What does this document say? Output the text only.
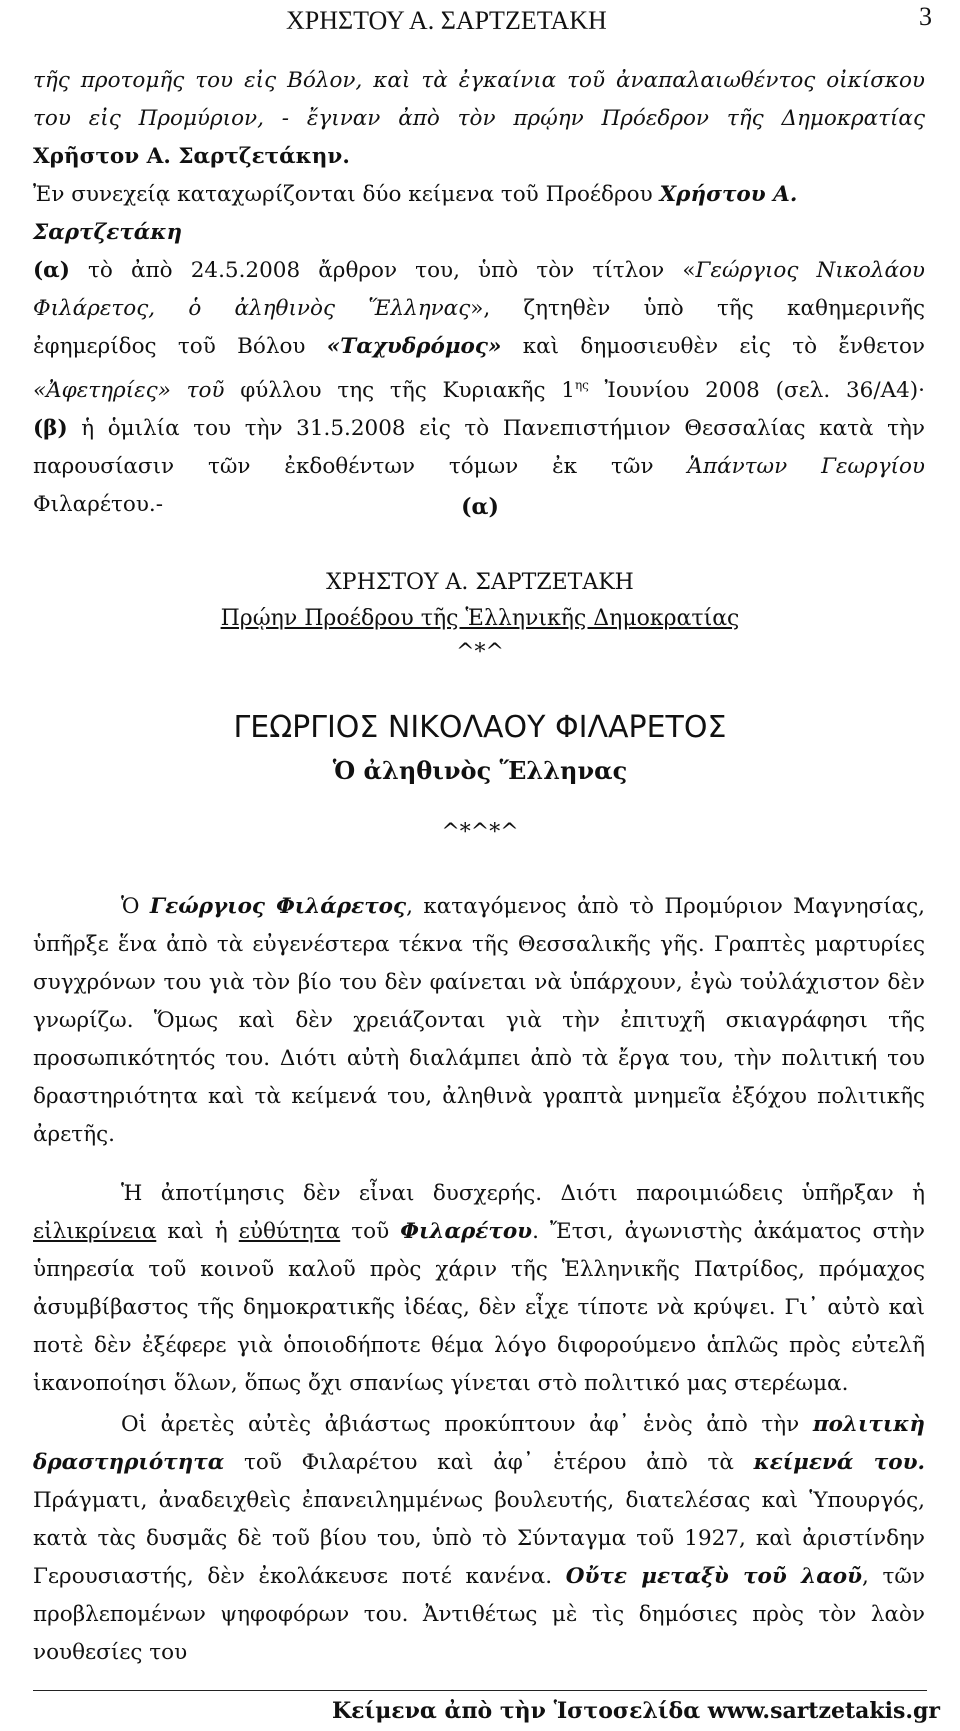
ΧΡΗΣΤΟΥ Α. ΣΑΡΤΖΕΤΑΚΗ	3

τῆς προτομῆς του εἰς Βόλον, καὶ τὰ ἐγκαίνια τοῦ ἀναπαλαιωθέντος οἰκίσκου

του εἰς Προμύριον, - ἔγιναν ἀπὸ τὸν πρῴην Πρόεδρον τῆς Δημοκρατίας

Χρῆστον Α. Σαρτζετάκην.

Ἐν συνεχείᾳ καταχωρίζονται δύο κείμενα τοῦ Προέδρου Χρήστου Α. Σαρτζετάκη

(α) τὸ ἀπὸ 24.5.2008 ἄρθρον του, ὑπὸ τὸν τίτλον «Γεώργιος Νικολάου

Φιλάρετος, ὁ ἀληθινὸς Ἕλληνας», ζητηθὲν ὑπὸ τῆς καθημερινῆς

ἐφημερίδος τοῦ Βόλου «Ταχυδρόμος» καὶ δημοσιευθὲν εἰς τὸ ἔνθετον

«Ἀφετηρίες» τοῦ φύλλου της τῆς Κυριακῆς $1^{\eta\varsigma}$ Ἰουνίου 2008 (σελ. 36/Α4)·

(β) ἡ ὁμιλία του τὴν 31.5.2008 εἰς τὸ Πανεπιστήμιον Θεσσαλίας κατὰ τὴν

παρουσίασιν τῶν ἐκδοθέντων τόμων ἐκ τῶν Ἁπάντων Γεωργίου

Φιλαρέτου.-	(α)
ΧΡΗΣΤΟΥ Α. ΣΑΡΤΖΕΤΑΚΗ
Πρῴην Προέδρου τῆς Ἑλληνικῆς Δημοκρατίας
^*^
ΓΕΩΡΓΙΟΣ ΝΙΚΟΛΑΟΥ ΦΙΛΑΡΕΤΟΣ
Ὁ ἀληθινὸς Ἕλληνας
^*^*^
Ὁ Γεώργιος Φιλάρετος, καταγόμενος ἀπὸ τὸ Προμύριον Μαγνησίας, ὑπῆρξε ἕνα ἀπὸ τὰ εὐγενέστερα τέκνα τῆς Θεσσαλικῆς γῆς. Γραπτὲς μαρτυρίες συγχρόνων του γιὰ τὸν βίο του δὲν φαίνεται νὰ ὑπάρχουν, ἐγὼ τοὐλάχιστον δὲν γνωρίζω. Ὅμως καὶ δὲν χρειάζονται γιὰ τὴν ἐπιτυχῆ σκιαγράφησι τῆς προσωπικότητός του. Διότι αὐτὴ διαλάμπει ἀπὸ τὰ ἔργα του, τὴν πολιτική του δραστηριότητα καὶ τὰ κείμενά του, ἀληθινὰ γραπτὰ μνημεῖα ἐξόχου πολιτικῆς ἀρετῆς.
Ἡ ἀποτίμησις δὲν εἶναι δυσχερής. Διότι παροιμιώδεις ὑπῆρξαν ἡ εἰλικρίνεια καὶ ἡ εὐθύτητα τοῦ Φιλαρέτου. Ἔτσι, ἀγωνιστὴς ἀκάματος στὴν ὑπηρεσία τοῦ κοινοῦ καλοῦ πρὸς χάριν τῆς Ἑλληνικῆς Πατρίδος, πρόμαχος ἀσυμβίβαστος τῆς δημοκρατικῆς ἰδέας, δὲν εἶχε τίποτε νὰ κρύψει. Γι᾽ αὐτὸ καὶ ποτὲ δὲν ἐξέφερε γιὰ ὁποιοδήποτε θέμα λόγο διφορούμενο ἁπλῶς πρὸς εὐτελῆ ἱκανοποίησι ὅλων, ὅπως ὄχι σπανίως γίνεται στὸ πολιτικό μας στερέωμα.
Οἱ ἀρετὲς αὐτὲς ἀβιάστως προκύπτουν ἀφ᾽ ἑνὸς ἀπὸ τὴν πολιτικὴ δραστηριότητα τοῦ Φιλαρέτου καὶ ἀφ᾽ ἑτέρου ἀπὸ τὰ κείμενά του. Πράγματι, ἀναδειχθεὶς ἐπανειλημμένως βουλευτής, διατελέσας καὶ Ὑπουργός, κατὰ τὰς δυσμᾶς δὲ τοῦ βίου του, ὑπὸ τὸ Σύνταγμα τοῦ 1927, καὶ ἀριστίνδην Γερουσιαστής, δὲν ἐκολάκευσε ποτέ κανένα. Οὔτε μεταξὺ τοῦ λαοῦ, τῶν προβλεπομένων ψηφοφόρων του. Ἀντιθέτως μὲ τὶς δημόσιες πρὸς τὸν λαὸν νουθεσίες του
Κείμενα ἀπὸ τὴν Ἱστοσελίδα www.sartzetakis.gr
